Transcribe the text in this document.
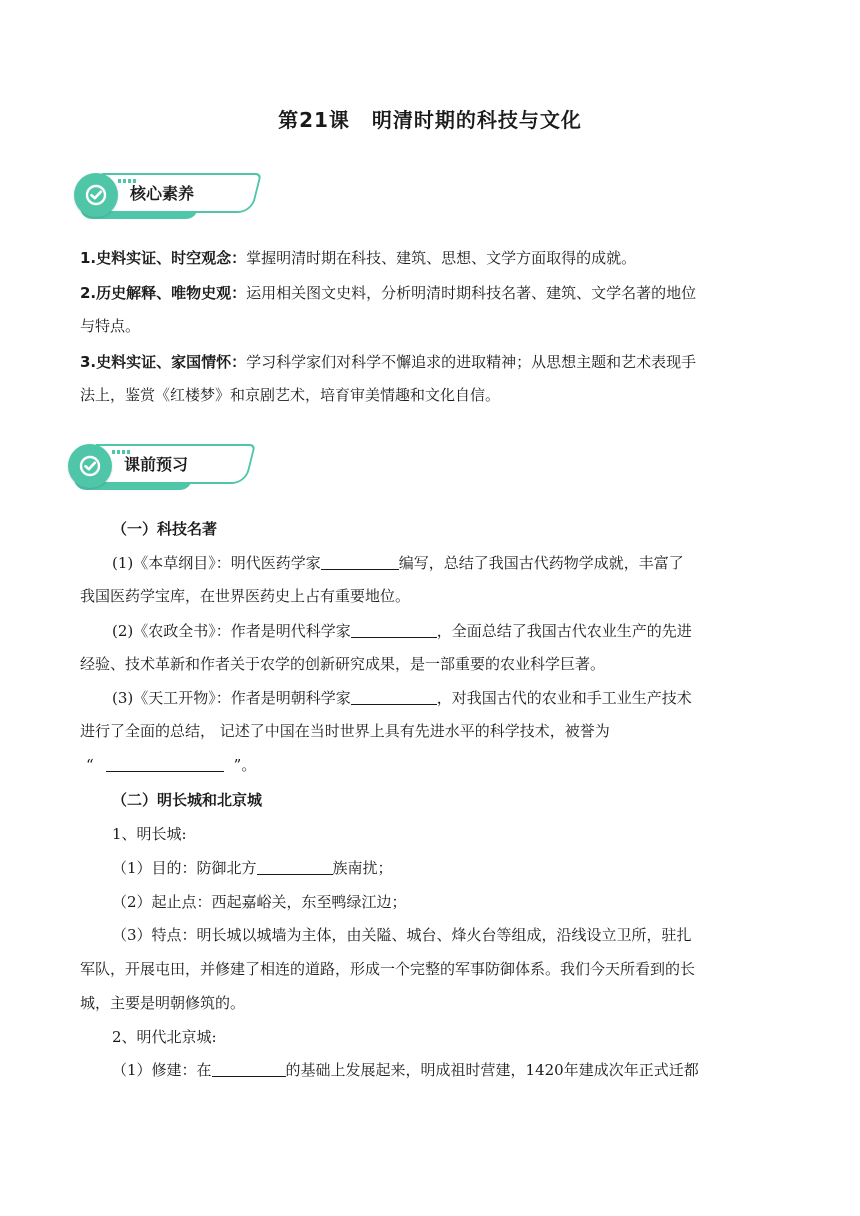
第21课 明清时期的科技与文化
核心素养
1.史料实证、时空观念：掌握明清时期在科技、建筑、思想、文学方面取得的成就。
2.历史解释、唯物史观：运用相关图文史料，分析明清时期科技名著、建筑、文学名著的地位
与特点。
3.史料实证、家国情怀：学习科学家们对科学不懈追求的进取精神；从思想主题和艺术表现手
法上，鉴赏《红楼梦》和京剧艺术，培育审美情趣和文化自信。
课前预习
（一）科技名著
(1)《本草纲目》：明代医药学家	编写，总结了我国古代药物学成就，丰富了
我国医药学宝库，在世界医药史上占有重要地位。
(2)《农政全书》：作者是明代科学家	，全面总结了我国古代农业生产的先进
经验、技术革新和作者关于农学的创新研究成果，是一部重要的农业科学巨著。
(3)《天工开物》：作者是明朝科学家	，对我国古代的农业和手工业生产技术
进行了全面的总结， 记述了中国在当时世界上具有先进水平的科学技术，被誉为
“	”。
（二）明长城和北京城
1、明长城:
（1）目的：防御北方	族南扰；
（2）起止点：西起嘉峪关，东至鸭绿江边；
（3）特点：明长城以城墙为主体，由关隘、城台、烽火台等组成，沿线设立卫所，驻扎
军队，开展屯田，并修建了相连的道路，形成一个完整的军事防御体系。我们今天所看到的长
城，主要是明朝修筑的。
2、明代北京城:
（1）修建：在	的基础上发展起来，明成祖时营建，1420年建成次年正式迁都
